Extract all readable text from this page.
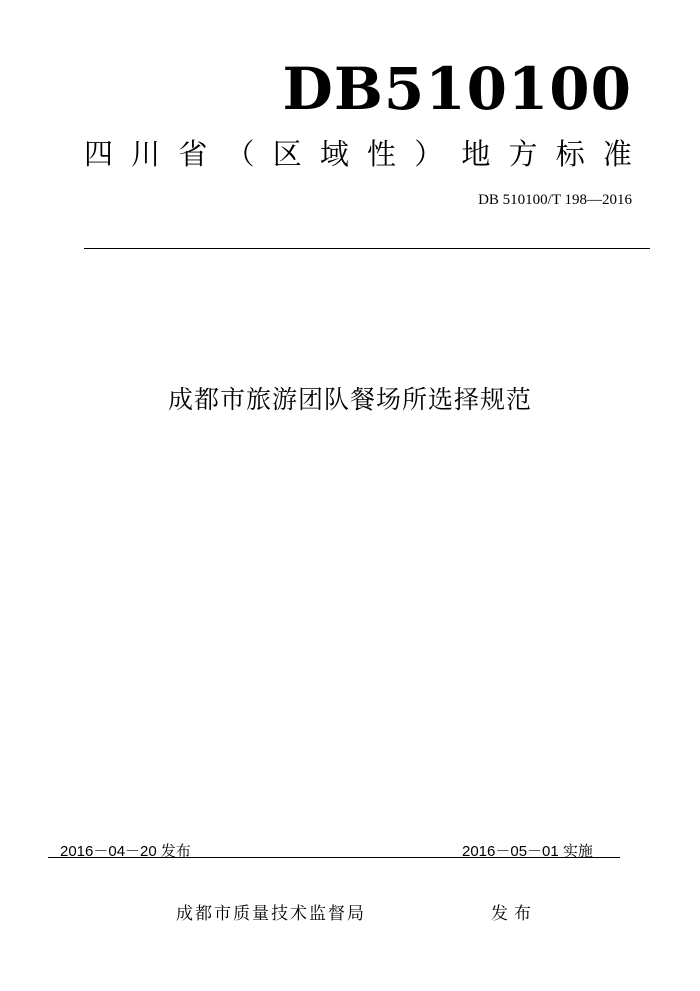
DB510100
四 川 省 （ 区 域 性 ） 地 方 标 准
DB 510100/T 198—2016
成都市旅游团队餐场所选择规范
2016－04－20 发布	2016－05－01 实施
成都市质量技术监督局	发布
